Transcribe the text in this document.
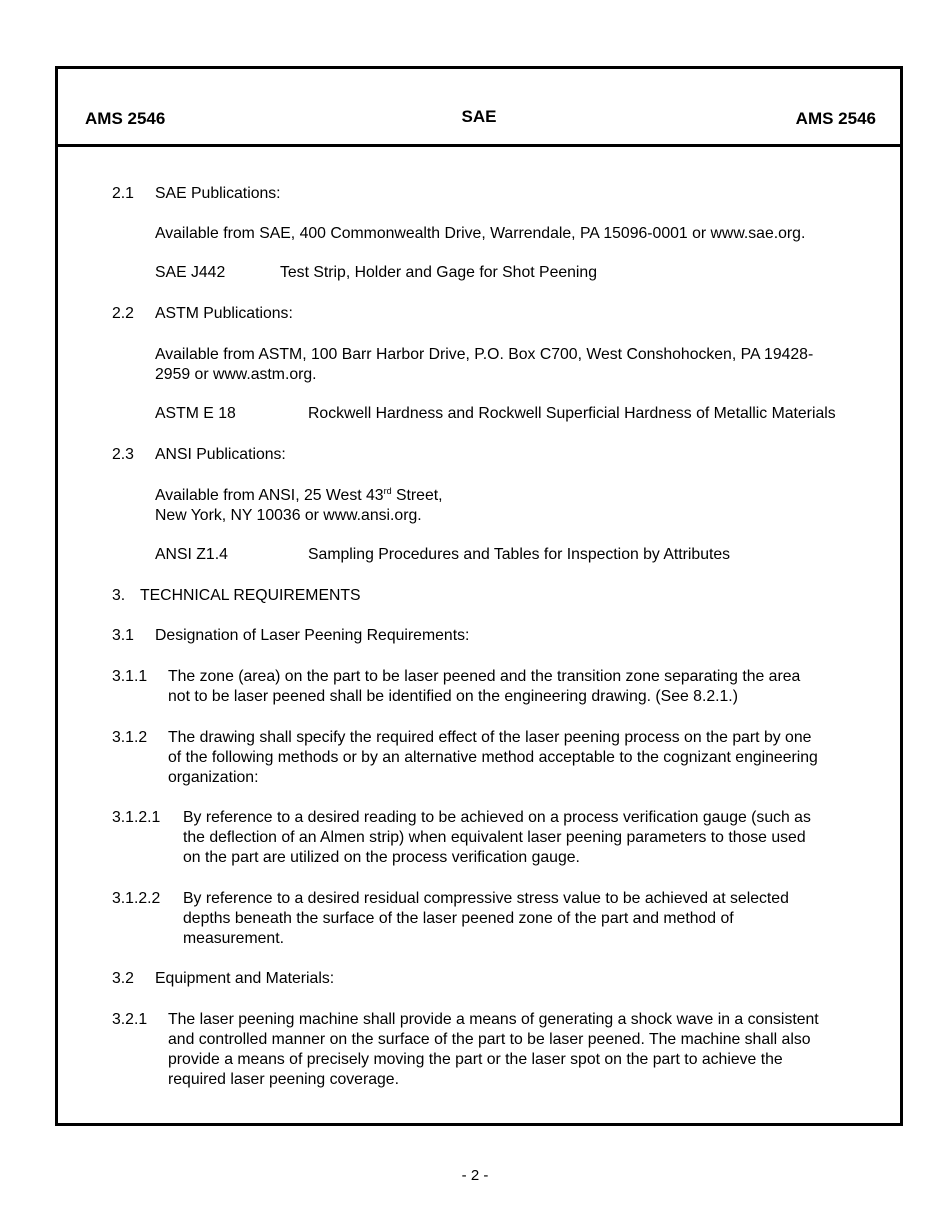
AMS 2546	SAE	AMS 2546
2.1 SAE Publications:
Available from SAE, 400 Commonwealth Drive, Warrendale, PA 15096-0001 or www.sae.org.
SAE J442	Test Strip, Holder and Gage for Shot Peening
2.2 ASTM Publications:
Available from ASTM, 100 Barr Harbor Drive, P.O. Box C700, West Conshohocken, PA 19428-
2959 or www.astm.org.
ASTM E 18	Rockwell Hardness and Rockwell Superficial Hardness of Metallic Materials
2.3 ANSI Publications:
Available from ANSI, 25 West 43rd Street,
New York, NY 10036 or www.ansi.org.
ANSI Z1.4	Sampling Procedures and Tables for Inspection by Attributes
3. TECHNICAL REQUIREMENTS
3.1 Designation of Laser Peening Requirements:
3.1.1 The zone (area) on the part to be laser peened and the transition zone separating the area
not to be laser peened shall be identified on the engineering drawing. (See 8.2.1.)
3.1.2 The drawing shall specify the required effect of the laser peening process on the part by one
of the following methods or by an alternative method acceptable to the cognizant engineering
organization:
3.1.2.1 By reference to a desired reading to be achieved on a process verification gauge (such as
the deflection of an Almen strip) when equivalent laser peening parameters to those used
on the part are utilized on the process verification gauge.
3.1.2.2 By reference to a desired residual compressive stress value to be achieved at selected
depths beneath the surface of the laser peened zone of the part and method of
measurement.
3.2 Equipment and Materials:
3.2.1 The laser peening machine shall provide a means of generating a shock wave in a consistent
and controlled manner on the surface of the part to be laser peened. The machine shall also
provide a means of precisely moving the part or the laser spot on the part to achieve the
required laser peening coverage.
- 2 -
